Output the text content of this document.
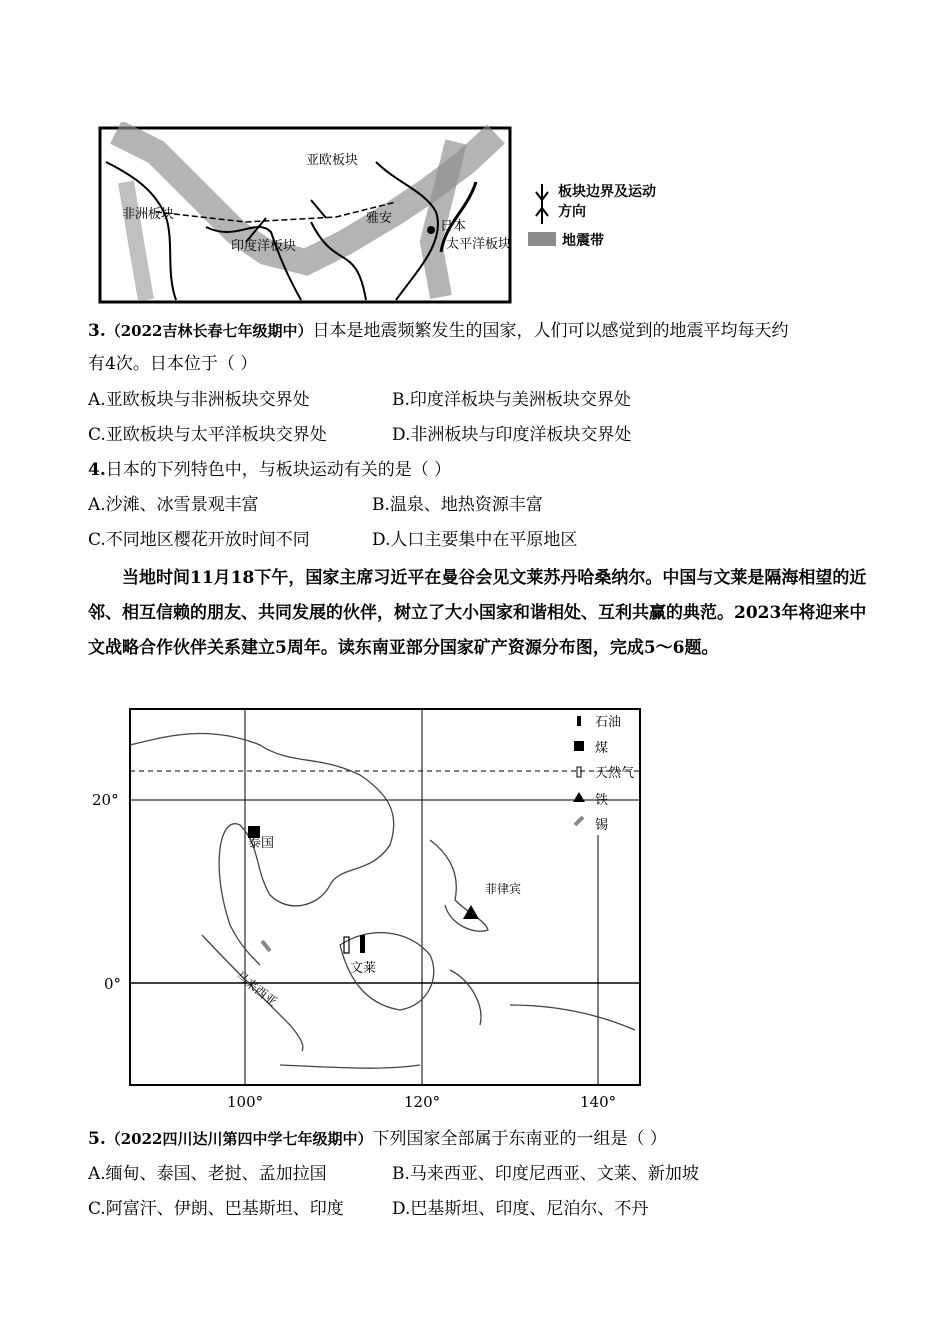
亚欧板块
非洲板块
印度洋板块
雅安
日本
太平洋板块
板块边界及运动方向
地震带
3.（2022吉林长春七年级期中）日本是地震频繁发生的国家，人们可以感觉到的地震平均每天约
有4次。日本位于（ ）
A.亚欧板块与非洲板块交界处	B.印度洋板块与美洲板块交界处
C.亚欧板块与太平洋板块交界处	D.非洲板块与印度洋板块交界处
4.日本的下列特色中，与板块运动有关的是（ ）
A.沙滩、冰雪景观丰富	B.温泉、地热资源丰富
C.不同地区樱花开放时间不同	D.人口主要集中在平原地区
当地时间11月18下午，国家主席习近平在曼谷会见文莱苏丹哈桑纳尔。中国与文莱是隔海相望的近邻、相互信赖的朋友、共同发展的伙伴，树立了大小国家和谐相处、互利共赢的典范。2023年将迎来中文战略合作伙伴关系建立5周年。读东南亚部分国家矿产资源分布图，完成5～6题。
泰国
文莱
菲律宾
马来西亚
石油
煤
天然气
铁
锡
20°
0°
100°	120°	140°
5.（2022四川达川第四中学七年级期中）下列国家全部属于东南亚的一组是（ ）
A.缅甸、泰国、老挝、孟加拉国	B.马来西亚、印度尼西亚、文莱、新加坡
C.阿富汗、伊朗、巴基斯坦、印度	D.巴基斯坦、印度、尼泊尔、不丹
